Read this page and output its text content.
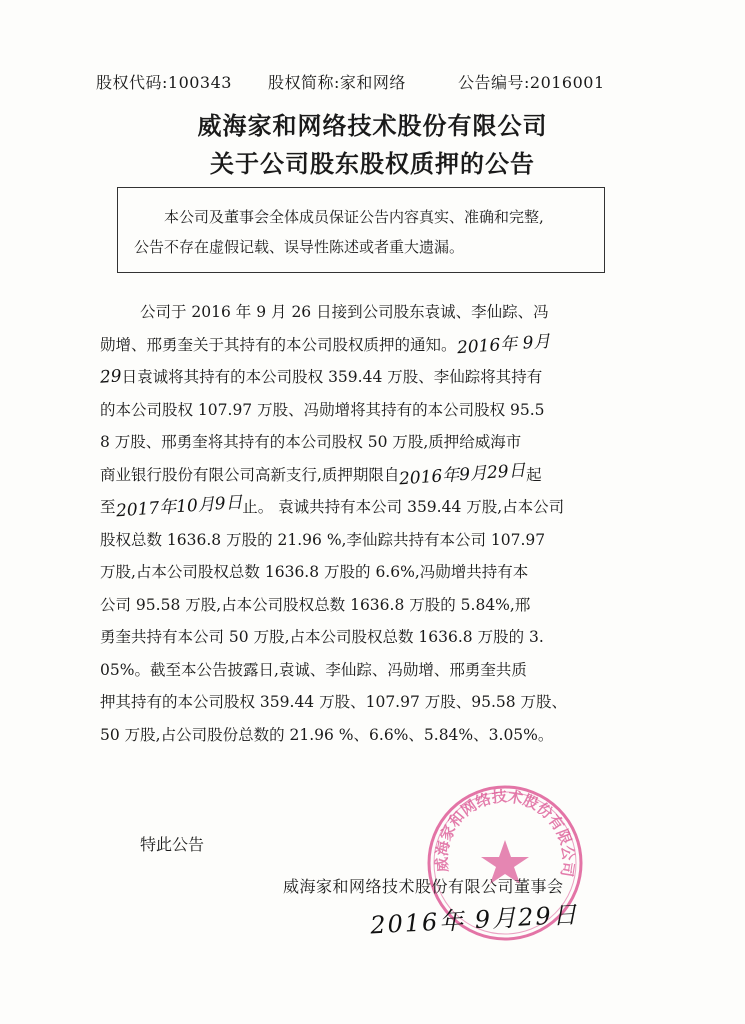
股权代码:100343 股权简称:家和网络	公告编号:2016001
威海家和网络技术股份有限公司
关于公司股东股权质押的公告

本公司及董事会全体成员保证公告内容真实、准确和完整,

公告不存在虚假记载、误导性陈述或者重大遗漏。

公司于 2016 年 9 月 26 日接到公司股东袁诚、李仙踪、冯
勋增、邢勇奎关于其持有的本公司股权质押的通知。2016年 9月
29日袁诚将其持有的本公司股权 359.44 万股、李仙踪将其持有
的本公司股权 107.97 万股、冯勋增将其持有的本公司股权 95.5
8 万股、邢勇奎将其持有的本公司股权 50 万股,质押给威海市
商业银行股份有限公司高新支行,质押期限自2016年9月29日起
至2017年10月9日止。 袁诚共持有本公司 359.44 万股,占本公司
股权总数 1636.8 万股的 21.96 %,李仙踪共持有本公司 107.97
万股,占本公司股权总数 1636.8 万股的 6.6%,冯勋增共持有本
公司 95.58 万股,占本公司股权总数 1636.8 万股的 5.84%,邢
勇奎共持有本公司 50 万股,占本公司股权总数 1636.8 万股的 3.
05%。截至本公告披露日,袁诚、李仙踪、冯勋增、邢勇奎共质
押其持有的本公司股权 359.44 万股、107.97 万股、95.58 万股、
50 万股,占公司股份总数的 21.96 %、6.6%、5.84%、3.05%。
威海家和网络技术股份有限公司
特此公告
威海家和网络技术股份有限公司董事会
2016年 9月29日
